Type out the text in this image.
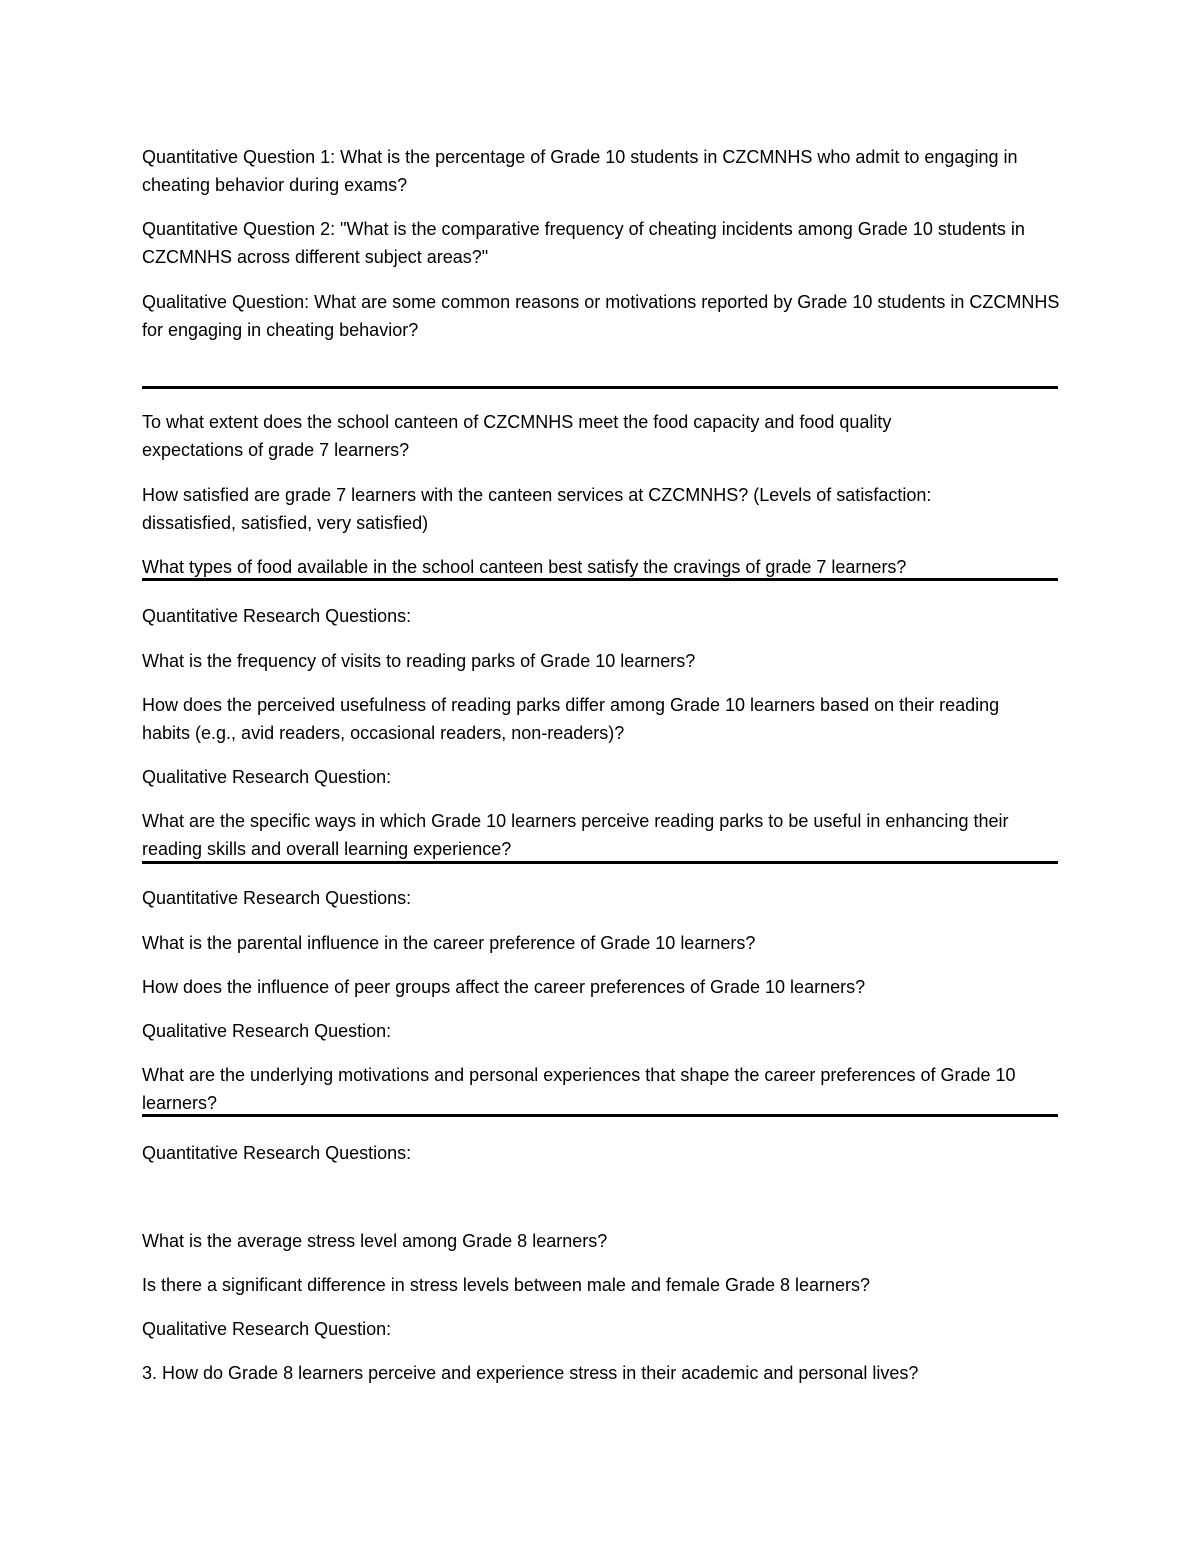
Quantitative Question 1: What is the percentage of Grade 10 students in CZCMNHS who admit to engaging in cheating behavior during exams?

Quantitative Question 2: "What is the comparative frequency of cheating incidents among Grade 10 students in CZCMNHS across different subject areas?"

Qualitative Question: What are some common reasons or motivations reported by Grade 10 students in CZCMNHS for engaging in cheating behavior?

To what extent does the school canteen of CZCMNHS meet the food capacity and food quality expectations of grade 7 learners?

How satisfied are grade 7 learners with the canteen services at CZCMNHS? (Levels of satisfaction: dissatisfied, satisfied, very satisfied)

What types of food available in the school canteen best satisfy the cravings of grade 7 learners?

Quantitative Research Questions:

What is the frequency of visits to reading parks of Grade 10 learners?

How does the perceived usefulness of reading parks differ among Grade 10 learners based on their reading habits (e.g., avid readers, occasional readers, non-readers)?

Qualitative Research Question:

What are the specific ways in which Grade 10 learners perceive reading parks to be useful in enhancing their reading skills and overall learning experience?

Quantitative Research Questions:

What is the parental influence in the career preference of Grade 10 learners?

How does the influence of peer groups affect the career preferences of Grade 10 learners?

Qualitative Research Question:

What are the underlying motivations and personal experiences that shape the career preferences of Grade 10 learners?

Quantitative Research Questions:

What is the average stress level among Grade 8 learners?

Is there a significant difference in stress levels between male and female Grade 8 learners?

Qualitative Research Question:

3. How do Grade 8 learners perceive and experience stress in their academic and personal lives?
